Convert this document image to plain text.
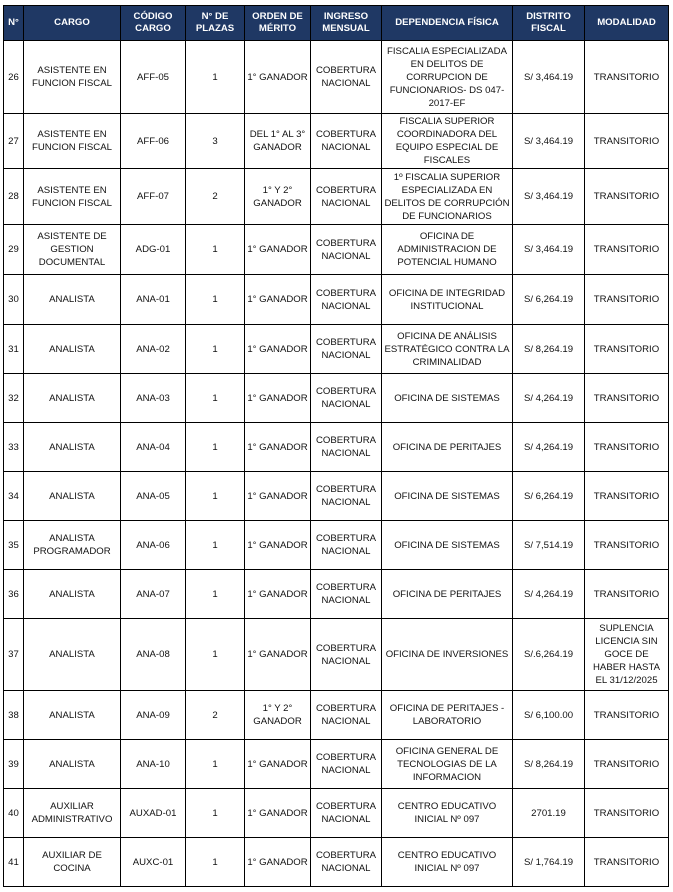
N°	CARGO	CÓDIGO CARGO	N° DE PLAZAS	ORDEN DE MÉRITO	INGRESO MENSUAL	DEPENDENCIA FÍSICA	DISTRITO FISCAL	MODALIDAD
26	ASISTENTE EN FUNCION FISCAL	AFF-05	1	1° GANADOR	COBERTURA NACIONAL	FISCALIA ESPECIALIZADA EN DELITOS DE CORRUPCION DE FUNCIONARIOS- DS 047-2017-EF	S/ 3,464.19	TRANSITORIO
27	ASISTENTE EN FUNCION FISCAL	AFF-06	3	DEL 1° AL 3° GANADOR	COBERTURA NACIONAL	FISCALIA SUPERIOR COORDINADORA DEL EQUIPO ESPECIAL DE FISCALES	S/ 3,464.19	TRANSITORIO
28	ASISTENTE EN FUNCION FISCAL	AFF-07	2	1° Y 2° GANADOR	COBERTURA NACIONAL	1º FISCALIA SUPERIOR ESPECIALIZADA EN DELITOS DE CORRUPCIÓN DE FUNCIONARIOS	S/ 3,464.19	TRANSITORIO
29	ASISTENTE DE GESTION DOCUMENTAL	ADG-01	1	1° GANADOR	COBERTURA NACIONAL	OFICINA DE ADMINISTRACION DE POTENCIAL HUMANO	S/ 3,464.19	TRANSITORIO
30	ANALISTA	ANA-01	1	1° GANADOR	COBERTURA NACIONAL	OFICINA DE INTEGRIDAD INSTITUCIONAL	S/ 6,264.19	TRANSITORIO
31	ANALISTA	ANA-02	1	1° GANADOR	COBERTURA NACIONAL	OFICINA DE ANÁLISIS ESTRATÉGICO CONTRA LA CRIMINALIDAD	S/ 8,264.19	TRANSITORIO
32	ANALISTA	ANA-03	1	1° GANADOR	COBERTURA NACIONAL	OFICINA DE SISTEMAS	S/ 4,264.19	TRANSITORIO
33	ANALISTA	ANA-04	1	1° GANADOR	COBERTURA NACIONAL	OFICINA DE PERITAJES	S/ 4,264.19	TRANSITORIO
34	ANALISTA	ANA-05	1	1° GANADOR	COBERTURA NACIONAL	OFICINA DE SISTEMAS	S/ 6,264.19	TRANSITORIO
35	ANALISTA PROGRAMADOR	ANA-06	1	1° GANADOR	COBERTURA NACIONAL	OFICINA DE SISTEMAS	S/ 7,514.19	TRANSITORIO
36	ANALISTA	ANA-07	1	1° GANADOR	COBERTURA NACIONAL	OFICINA DE PERITAJES	S/ 4,264.19	TRANSITORIO
37	ANALISTA	ANA-08	1	1° GANADOR	COBERTURA NACIONAL	OFICINA DE INVERSIONES	S/.6,264.19	SUPLENCIA LICENCIA SIN GOCE DE HABER HASTA EL 31/12/2025
38	ANALISTA	ANA-09	2	1° Y 2° GANADOR	COBERTURA NACIONAL	OFICINA DE PERITAJES - LABORATORIO	S/ 6,100.00	TRANSITORIO
39	ANALISTA	ANA-10	1	1° GANADOR	COBERTURA NACIONAL	OFICINA GENERAL DE TECNOLOGIAS DE LA INFORMACION	S/ 8,264.19	TRANSITORIO
40	AUXILIAR ADMINISTRATIVO	AUXAD-01	1	1° GANADOR	COBERTURA NACIONAL	CENTRO EDUCATIVO INICIAL Nº 097	2701.19	TRANSITORIO
41	AUXILIAR DE COCINA	AUXC-01	1	1° GANADOR	COBERTURA NACIONAL	CENTRO EDUCATIVO INICIAL Nº 097	S/ 1,764.19	TRANSITORIO
